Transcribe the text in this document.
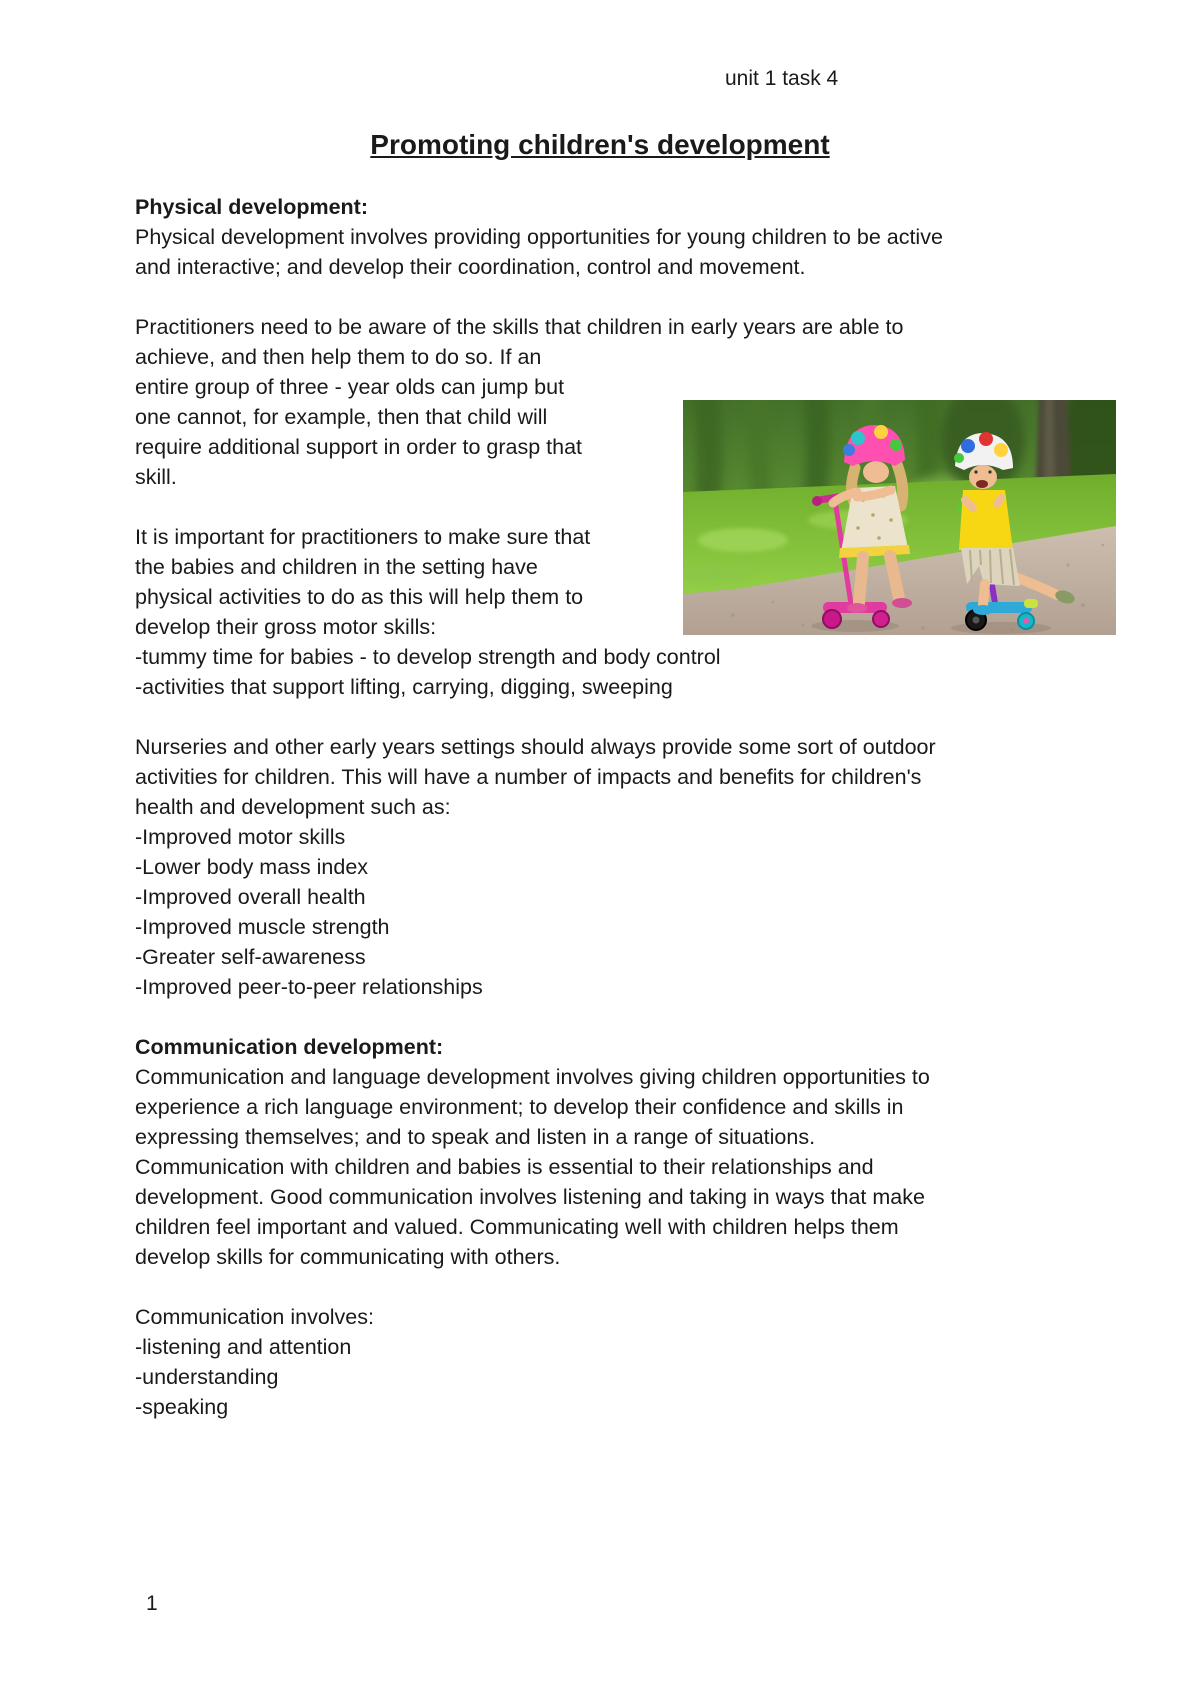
unit 1 task 4
Promoting children's development
Physical development:
Physical development involves providing opportunities for young children to be active
and interactive; and develop their coordination, control and movement.
Practitioners need to be aware of the skills that children in early years are able to
achieve, and then help them to do so. If an
entire group of three - year olds can jump but
one cannot, for example, then that child will
require additional support in order to grasp that
skill.
It is important for practitioners to make sure that
the babies and children in the setting have
physical activities to do as this will help them to
develop their gross motor skills:
-tummy time for babies - to develop strength and body control
-activities that support lifting, carrying, digging, sweeping
Nurseries and other early years settings should always provide some sort of outdoor
activities for children. This will have a number of impacts and benefits for children's
health and development such as:
-Improved motor skills
-Lower body mass index
-Improved overall health
-Improved muscle strength
-Greater self-awareness
-Improved peer-to-peer relationships
Communication development:
Communication and language development involves giving children opportunities to
experience a rich language environment; to develop their confidence and skills in
expressing themselves; and to speak and listen in a range of situations.
Communication with children and babies is essential to their relationships and
development. Good communication involves listening and taking in ways that make
children feel important and valued. Communicating well with children helps them
develop skills for communicating with others.
Communication involves:
-listening and attention
-understanding
-speaking
1
